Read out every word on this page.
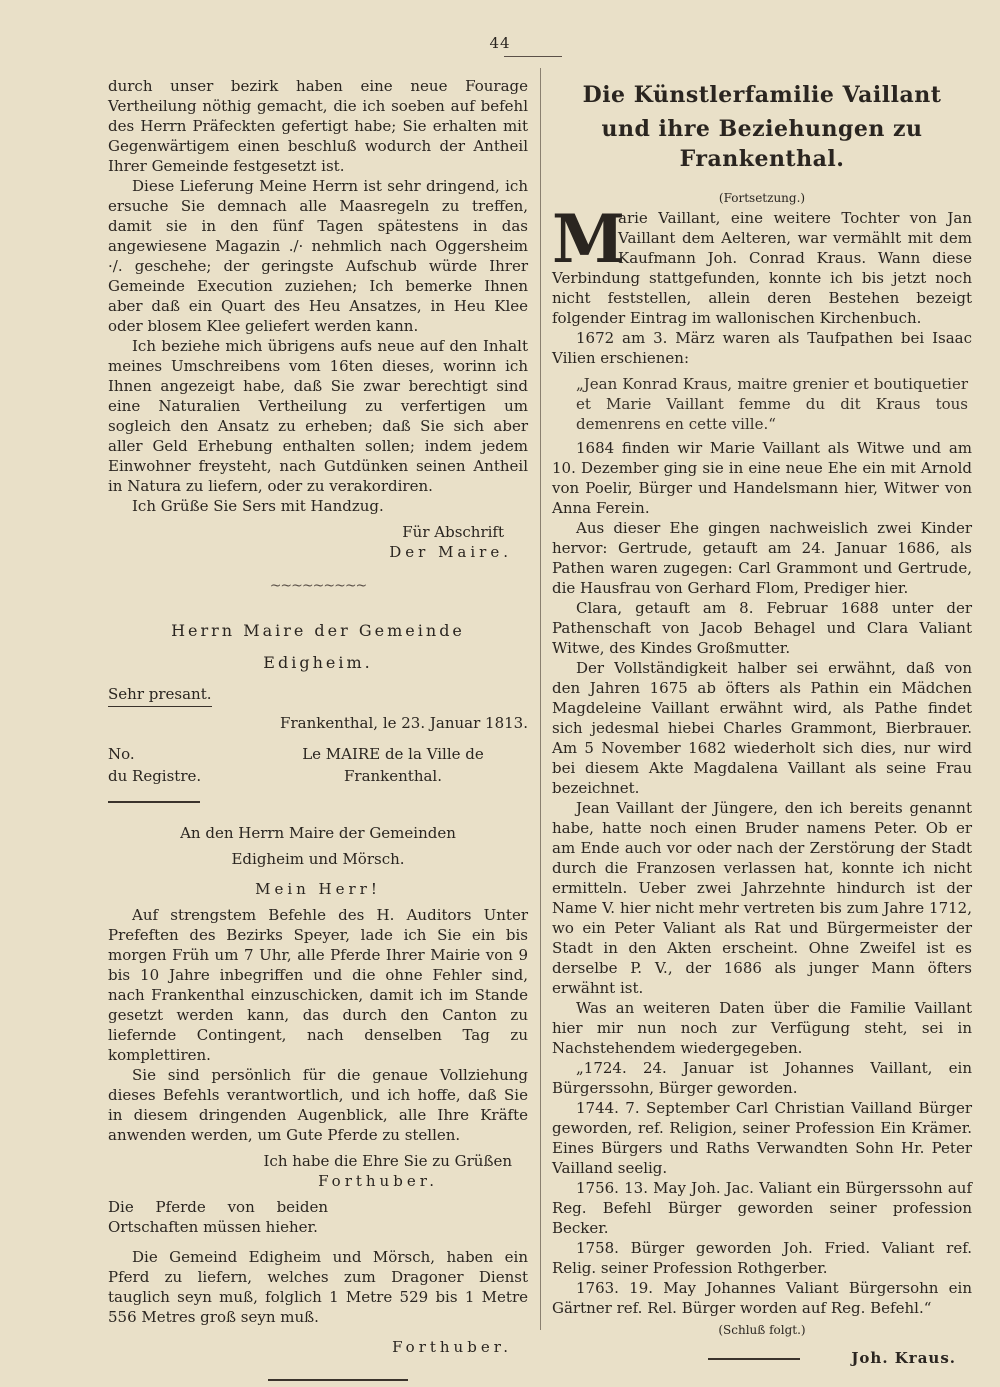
44

durch unser bezirk haben eine neue Fourage Vertheilung nöthig gemacht, die ich soeben auf befehl des Herrn Präfeckten gefertigt habe; Sie erhalten mit Gegenwärtigem einen beschluß wodurch der Antheil Ihrer Gemeinde festgesetzt ist.

Diese Lieferung Meine Herrn ist sehr dringend, ich ersuche Sie demnach alle Maasregeln zu treffen, damit sie in den fünf Tagen spätestens in das angewiesene Magazin ./· nehmlich nach Oggersheim ·/. geschehe; der geringste Aufschub würde Ihrer Gemeinde Execution zuziehen; Ich bemerke Ihnen aber daß ein Quart des Heu Ansatzes, in Heu Klee oder blosem Klee geliefert werden kann.

Ich beziehe mich übrigens aufs neue auf den Inhalt meines Umschreibens vom 16ten dieses, worinn ich Ihnen angezeigt habe, daß Sie zwar berechtigt sind eine Naturalien Vertheilung zu verfertigen um sogleich den Ansatz zu erheben; daß Sie sich aber aller Geld Erhebung enthalten sollen; indem jedem Einwohner freysteht, nach Gutdünken seinen Antheil in Natura zu liefern, oder zu verakordiren.

Ich Grüße Sie Sers mit Handzug.

Für Abschrift

Der Maire.

~~~~~~~~~
Herrn Maire der Gemeinde
Edigheim.
Sehr presant.

Frankenthal, le 23. Januar 1813.

No.
du Registre.
Le MAIRE de la Ville de Frankenthal.

An den Herrn Maire der Gemeinden

Edigheim und Mörsch.

Mein Herr!

Auf strengstem Befehle des H. Auditors Unter Prefeften des Bezirks Speyer, lade ich Sie ein bis morgen Früh um 7 Uhr, alle Pferde Ihrer Mairie von 9 bis 10 Jahre inbegriffen und die ohne Fehler sind, nach Frankenthal einzuschicken, damit ich im Stande gesetzt werden kann, das durch den Canton zu liefernde Contingent, nach denselben Tag zu komplettiren.

Sie sind persönlich für die genaue Vollziehung dieses Befehls verantwortlich, und ich hoffe, daß Sie in diesem dringenden Augenblick, alle Ihre Kräfte anwenden werden, um Gute Pferde zu stellen.

Ich habe die Ehre Sie zu Grüßen

Forthuber.

Die Pferde von beiden Ortschaften müssen hieher.

Die Gemeind Edigheim und Mörsch, haben ein Pferd zu liefern, welches zum Dragoner Dienst tauglich seyn muß, folglich 1 Metre 529 bis 1 Metre 556 Metres groß seyn muß.

Forthuber.

Die Künstlerfamilie Vaillant
und ihre Beziehungen zu Frankenthal.
(Fortsetzung.)
M

arie Vaillant, eine weitere Tochter von Jan Vaillant dem Aelteren, war vermählt mit dem Kaufmann Joh. Conrad Kraus. Wann diese Verbindung stattgefunden, konnte ich bis jetzt noch nicht feststellen, allein deren Bestehen bezeigt folgender Eintrag im wallonischen Kirchenbuch.

1672 am 3. März waren als Taufpathen bei Isaac Vilien erschienen:

„Jean Konrad Kraus, maitre grenier et boutiquetier et Marie Vaillant femme du dit Kraus tous demenrens en cette ville.“

1684 finden wir Marie Vaillant als Witwe und am 10. Dezember ging sie in eine neue Ehe ein mit Arnold von Poelir, Bürger und Handelsmann hier, Witwer von Anna Ferein.

Aus dieser Ehe gingen nachweislich zwei Kinder hervor: Gertrude, getauft am 24. Januar 1686, als Pathen waren zugegen: Carl Grammont und Gertrude, die Hausfrau von Gerhard Flom, Prediger hier.

Clara, getauft am 8. Februar 1688 unter der Pathenschaft von Jacob Behagel und Clara Valiant Witwe, des Kindes Großmutter.

Der Vollständigkeit halber sei erwähnt, daß von den Jahren 1675 ab öfters als Pathin ein Mädchen Magdeleine Vaillant erwähnt wird, als Pathe findet sich jedesmal hiebei Charles Grammont, Bierbrauer. Am 5 November 1682 wiederholt sich dies, nur wird bei diesem Akte Magdalena Vaillant als seine Frau bezeichnet.

Jean Vaillant der Jüngere, den ich bereits genannt habe, hatte noch einen Bruder namens Peter. Ob er am Ende auch vor oder nach der Zerstörung der Stadt durch die Franzosen verlassen hat, konnte ich nicht ermitteln. Ueber zwei Jahrzehnte hindurch ist der Name V. hier nicht mehr vertreten bis zum Jahre 1712, wo ein Peter Valiant als Rat und Bürgermeister der Stadt in den Akten erscheint. Ohne Zweifel ist es derselbe P. V., der 1686 als junger Mann öfters erwähnt ist.

Was an weiteren Daten über die Familie Vaillant hier mir nun noch zur Verfügung steht, sei in Nachstehendem wiedergegeben.

„1724. 24. Januar ist Johannes Vaillant, ein Bürgerssohn, Bürger geworden.

1744. 7. September Carl Christian Vailland Bürger geworden, ref. Religion, seiner Profession Ein Krämer. Eines Bürgers und Raths Verwandten Sohn Hr. Peter Vailland seelig.

1756. 13. May Joh. Jac. Valiant ein Bürgerssohn auf Reg. Befehl Bürger geworden seiner profession Becker.

1758. Bürger geworden Joh. Fried. Valiant ref. Relig. seiner Profession Rothgerber.

1763. 19. May Johannes Valiant Bürgersohn ein Gärtner ref. Rel. Bürger worden auf Reg. Befehl.“

(Schluß folgt.)
Joh. Kraus.
